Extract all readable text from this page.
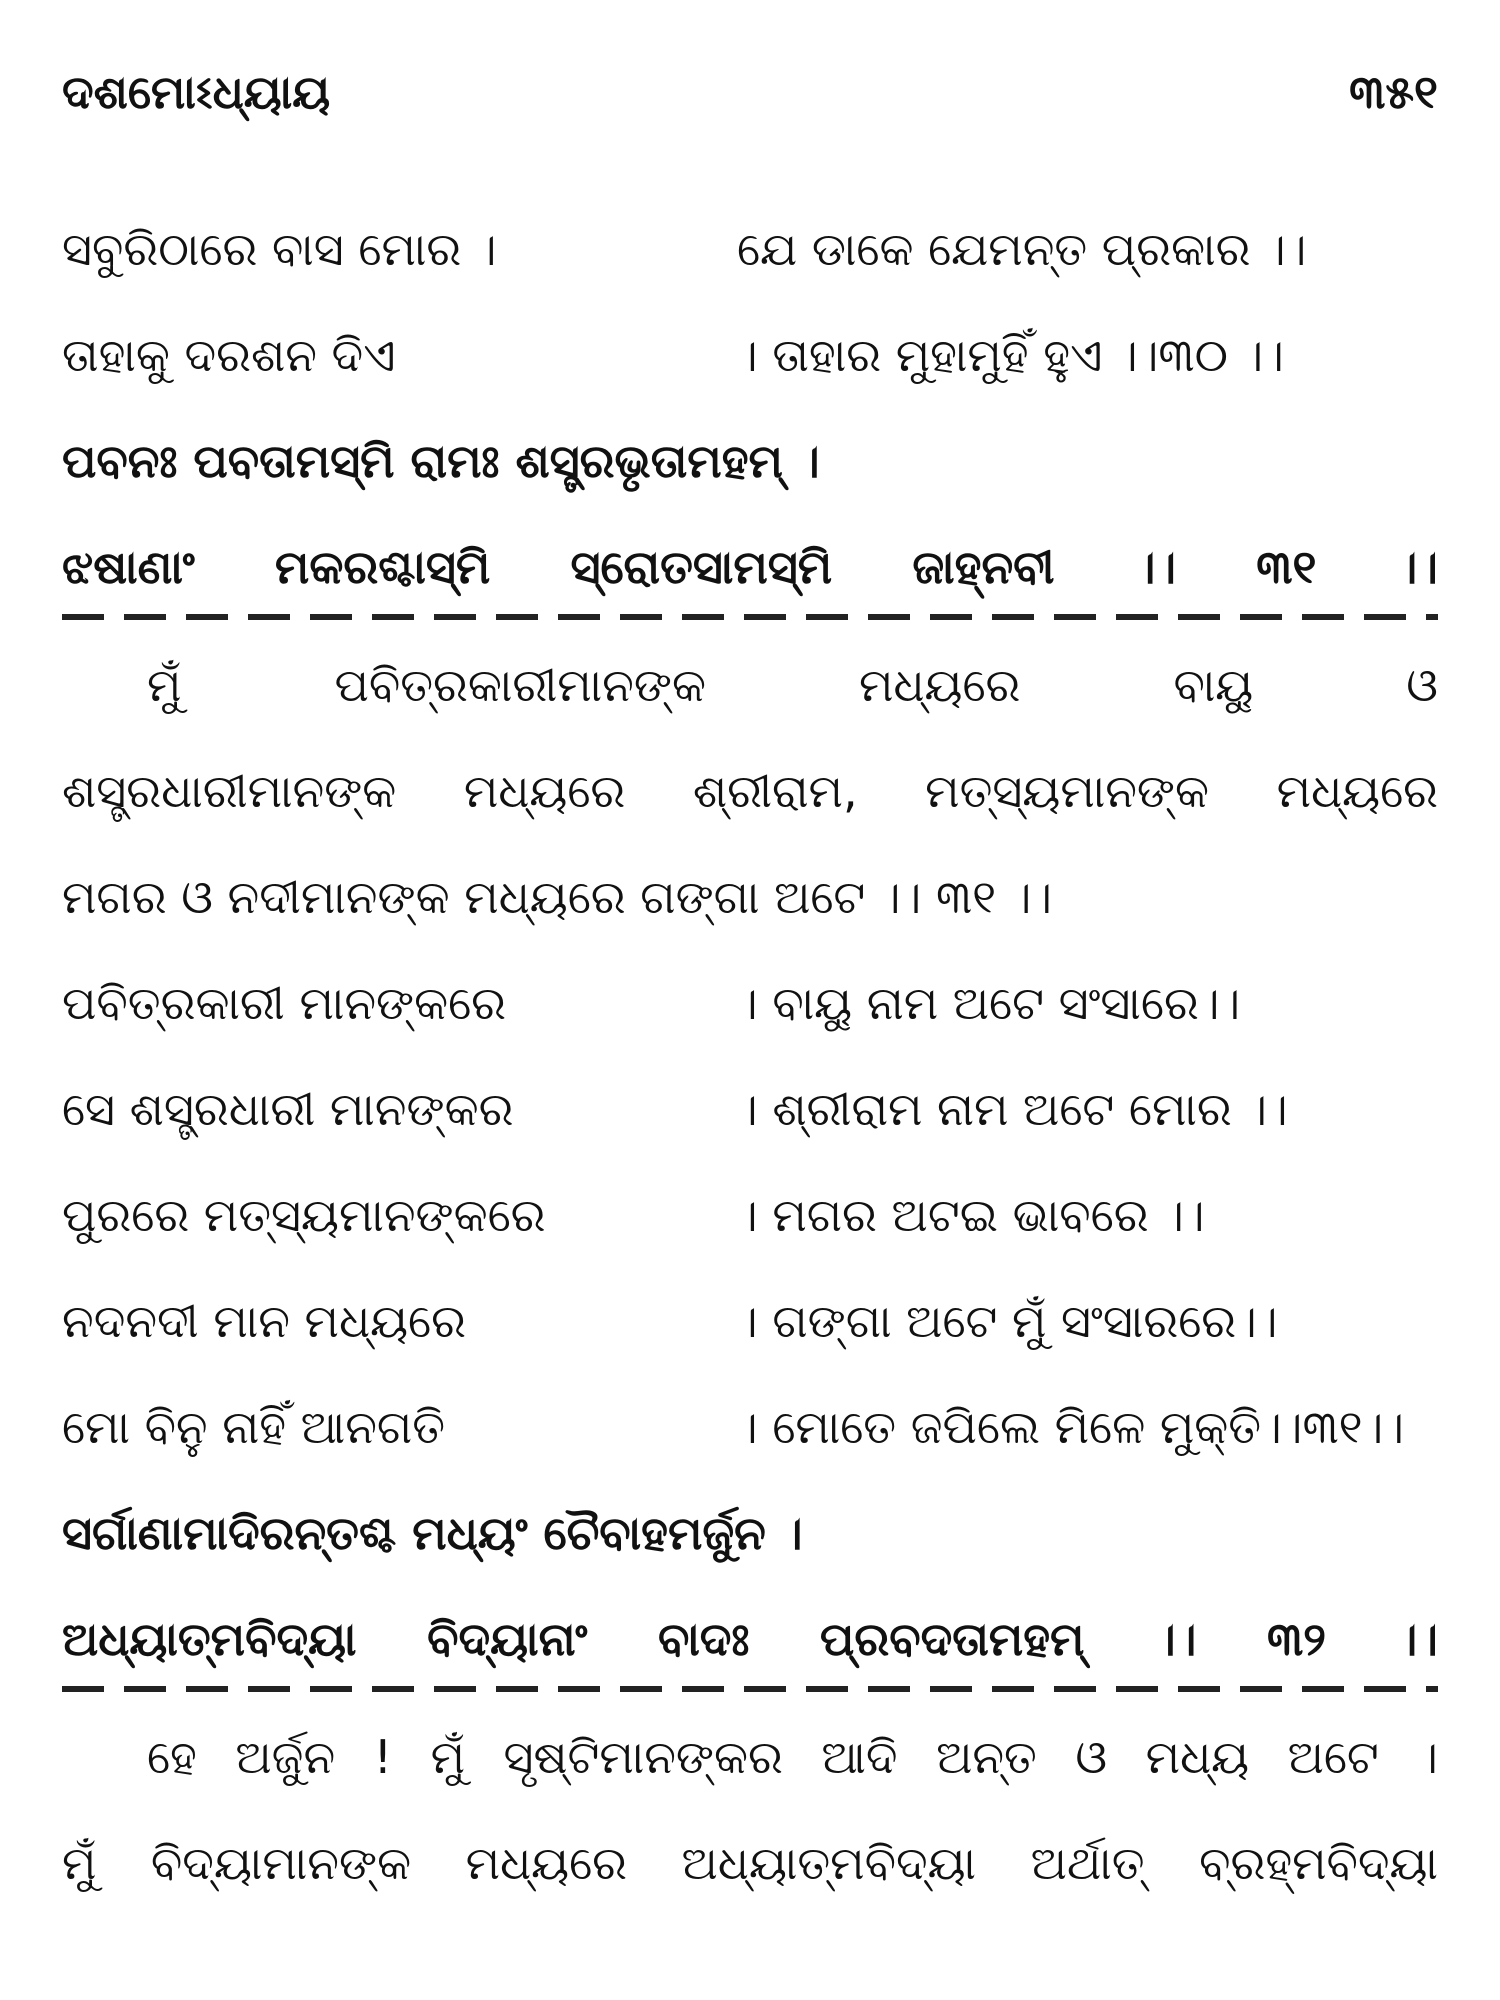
ଦଶମୋଽଧ୍ୟାୟ	୩୫୧
ସବୁରିଠାରେ ବାସ ମୋର ।	ଯେ ଡାକେ ଯେମନ୍ତ ପ୍ରକାର ।।
ତାହାକୁ ଦରଶନ ଦିଏ	। ତାହାର ମୁହାମୁହିଁ ହୁଏ ।।୩୦ ।।
ପବନଃ ପବତାମସ୍ମି ରାମଃ ଶସ୍ତ୍ରଭୃତାମହମ୍ ।
ଝଷାଣାଂ ମକରଶ୍ଚାସ୍ମି ସ୍ରୋତସାମସ୍ମି ଜାହ୍ନବୀ ।। ୩୧ ।।
ମୁଁ ପବିତ୍ରକାରୀମାନଙ୍କ ମଧ୍ୟରେ ବାୟୁ ଓ
ଶସ୍ତ୍ରଧାରୀମାନଙ୍କ ମଧ୍ୟରେ ଶ୍ରୀରାମ, ମତ୍ସ୍ୟମାନଙ୍କ ମଧ୍ୟରେ
ମଗର ଓ ନଦୀମାନଙ୍କ ମଧ୍ୟରେ ଗଙ୍ଗା ଅଟେ ।। ୩୧ ।।
ପବିତ୍ରକାରୀ ମାନଙ୍କରେ	। ବାୟୁ ନାମ ଅଟେ ସଂସାରେ।।
ସେ ଶସ୍ତ୍ରଧାରୀ ମାନଙ୍କର	। ଶ୍ରୀରାମ ନାମ ଅଟେ ମୋର ।।
ପୁରରେ ମତ୍ସ୍ୟମାନଙ୍କରେ	। ମଗର ଅଟଇ ଭାବରେ ।।
ନଦନଦୀ ମାନ ମଧ୍ୟରେ	। ଗଙ୍ଗା ଅଟେ ମୁଁ ସଂସାରରେ।।
ମୋ ବିନୁ ନାହିଁ ଆନଗତି	। ମୋତେ ଜପିଲେ ମିଳେ ମୁକ୍ତି।।୩୧।।
ସର୍ଗାଣାମାଦିରନ୍ତଶ୍ଚ ମଧ୍ୟଂ ଚୈବାହମର୍ଜୁନ ।
ଅଧ୍ୟାତ୍ମବିଦ୍ୟା ବିଦ୍ୟାନାଂ ବାଦଃ ପ୍ରବଦତାମହମ୍ ।। ୩୨ ।।
ହେ ଅର୍ଜୁନ ! ମୁଁ ସୃଷ୍ଟିମାନଙ୍କର ଆଦି ଅନ୍ତ ଓ ମଧ୍ୟ ଅଟେ ।
ମୁଁ ବିଦ୍ୟାମାନଙ୍କ ମଧ୍ୟରେ ଅଧ୍ୟାତ୍ମବିଦ୍ୟା ଅର୍ଥାତ୍ ବ୍ରହ୍ମବିଦ୍ୟା
